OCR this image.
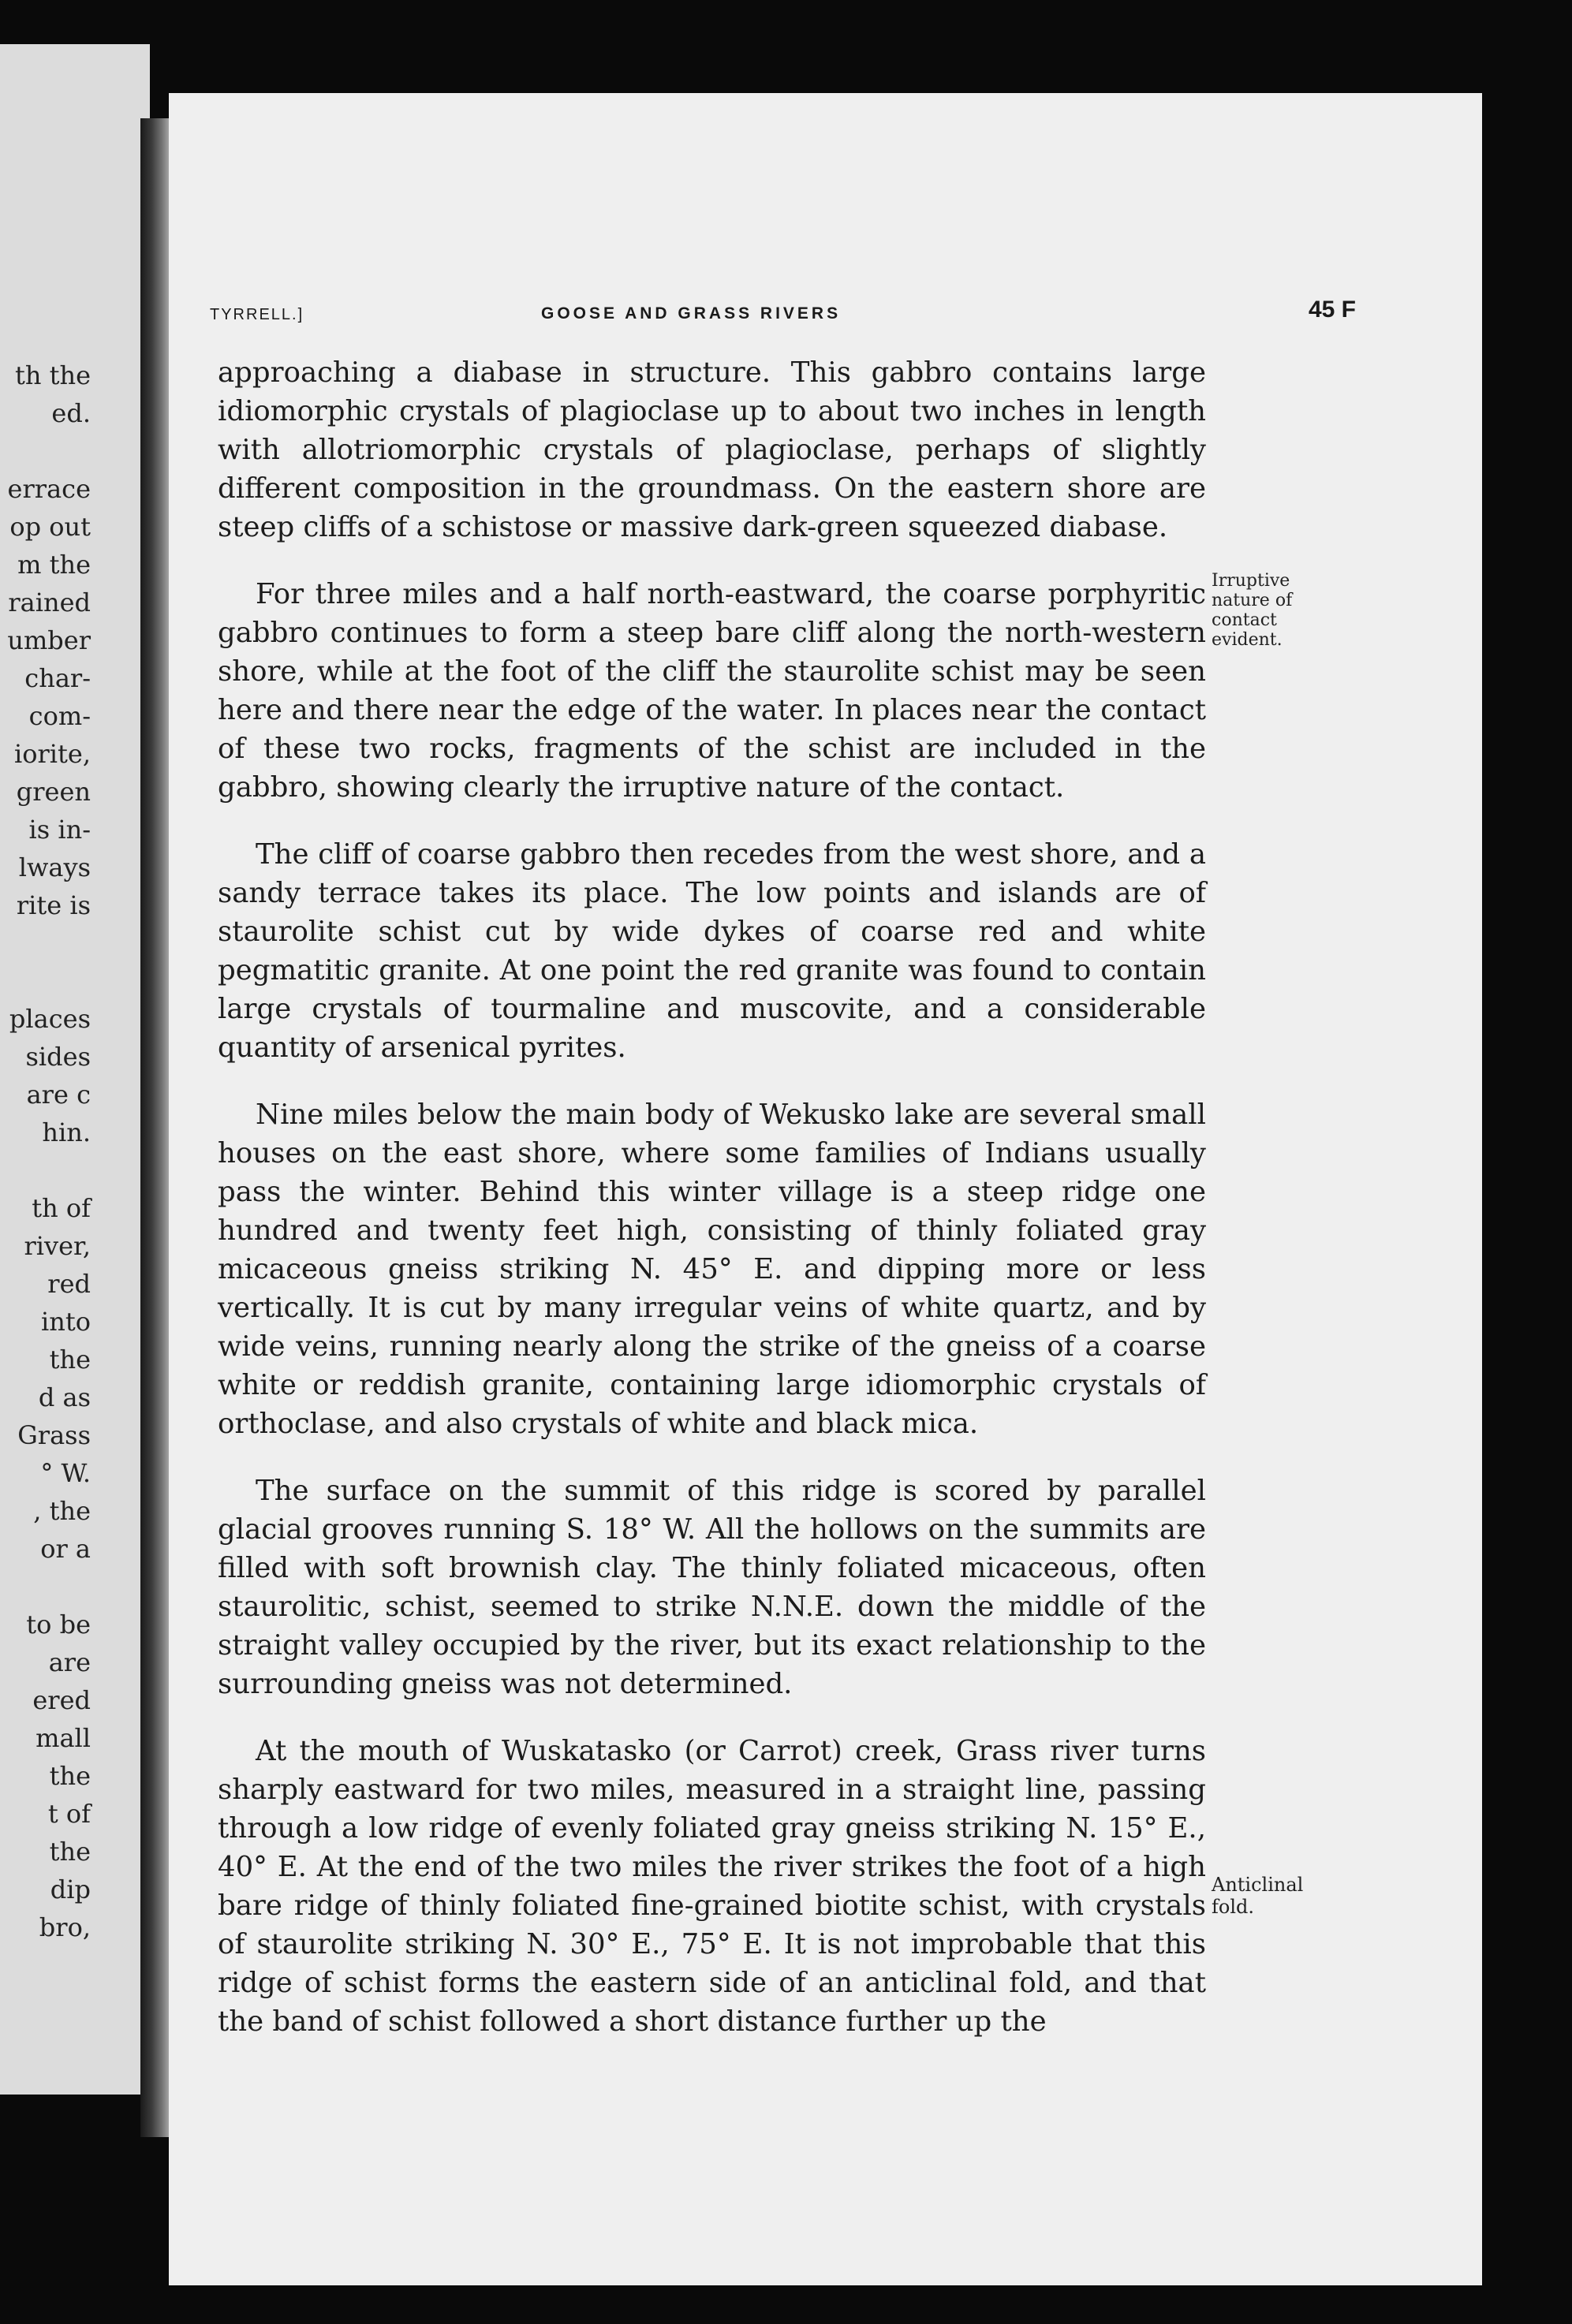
th the
ed.
errace
op out
m the
rained
umber
char-
com-
iorite,
green
is in-
lways
rite is
places
sides
are c
hin.
th of
river,
red
into
the
d as
Grass
° W.
, the
or a
to be
are
ered
mall
the
t of
the
dip
bro,
TYRRELL.]	GOOSE AND GRASS RIVERS	45 F

approaching a diabase in structure. This gabbro contains large idiomorphic crystals of plagioclase up to about two inches in length with allotriomorphic crystals of plagioclase, perhaps of slightly different composition in the groundmass. On the eastern shore are steep cliffs of a schistose or massive dark-green squeezed diabase.

For three miles and a half north-eastward, the coarse porphyritic gabbro continues to form a steep bare cliff along the north-western shore, while at the foot of the cliff the staurolite schist may be seen here and there near the edge of the water. In places near the contact of these two rocks, fragments of the schist are included in the gabbro, showing clearly the irruptive nature of the contact.

The cliff of coarse gabbro then recedes from the west shore, and a sandy terrace takes its place. The low points and islands are of staurolite schist cut by wide dykes of coarse red and white pegmatitic granite. At one point the red granite was found to contain large crystals of tourmaline and muscovite, and a considerable quantity of arsenical pyrites.

Nine miles below the main body of Wekusko lake are several small houses on the east shore, where some families of Indians usually pass the winter. Behind this winter village is a steep ridge one hundred and twenty feet high, consisting of thinly foliated gray micaceous gneiss striking N. 45° E. and dipping more or less vertically. It is cut by many irregular veins of white quartz, and by wide veins, running nearly along the strike of the gneiss of a coarse white or reddish granite, containing large idiomorphic crystals of orthoclase, and also crystals of white and black mica.

The surface on the summit of this ridge is scored by parallel glacial grooves running S. 18° W. All the hollows on the summits are filled with soft brownish clay. The thinly foliated micaceous, often staurolitic, schist, seemed to strike N.N.E. down the middle of the straight valley occupied by the river, but its exact relationship to the surrounding gneiss was not determined.

At the mouth of Wuskatasko (or Carrot) creek, Grass river turns sharply eastward for two miles, measured in a straight line, passing through a low ridge of evenly foliated gray gneiss striking N. 15° E., 40° E. At the end of the two miles the river strikes the foot of a high bare ridge of thinly foliated fine-grained biotite schist, with crystals of staurolite striking N. 30° E., 75° E. It is not improbable that this ridge of schist forms the eastern side of an anticlinal fold, and that the band of schist followed a short distance further up the

Irruptive nature of contact evident.
Anticlinal fold.
